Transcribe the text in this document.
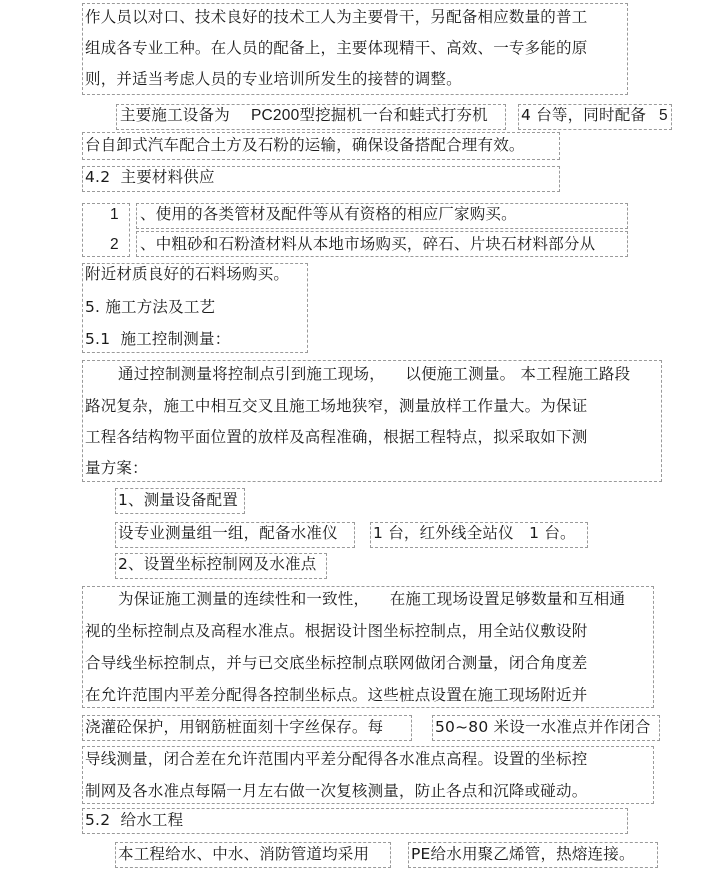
作人员以对口、技术良好的技术工人为主要骨干，另配备相应数量的普工
组成各专业工种。在人员的配备上，主要体现精干、高效、一专多能的原
则，并适当考虑人员的专业培训所发生的接替的调整。
主要施工设备为 PC200型挖掘机一台和蛙式打夯机 4 台等，同时配备 5
台自卸式汽车配合土方及石粉的运输，确保设备搭配合理有效。
4.2  主要材料供应
1 、使用的各类管材及配件等从有资格的相应厂家购买。
2 、中粗砂和石粉渣材料从本地市场购买，碎石、片块石材料部分从
附近材质良好的石料场购买。
5. 施工方法及工艺
5.1  施工控制测量：
通过控制测量将控制点引到施工现场，    以便施工测量。 本工程施工路段
路况复杂，施工中相互交叉且施工场地狭窄，测量放样工作量大。为保证
工程各结构物平面位置的放样及高程准确，根据工程特点，拟采取如下测
量方案：
1、测量设备配置
设专业测量组一组，配备水准仪 1 台，红外线全站仪   1 台。
2、设置坐标控制网及水准点
为保证施工测量的连续性和一致性，    在施工现场设置足够数量和互相通
视的坐标控制点及高程水准点。根据设计图坐标控制点，用全站仪敷设附
合导线坐标控制点，并与已交底坐标控制点联网做闭合测量，闭合角度差
在允许范围内平差分配得各控制坐标点。这些桩点设置在施工现场附近并
浇灌砼保护，用钢筋桩面刻十字丝保存。每	50~80 米设一水准点并作闭合
导线测量，闭合差在允许范围内平差分配得各水准点高程。设置的坐标控
制网及各水准点每隔一月左右做一次复核测量，防止各点和沉降或碰动。
5.2  给水工程
本工程给水、中水、消防管道均采用	PE给水用聚乙烯管，热熔连接。
